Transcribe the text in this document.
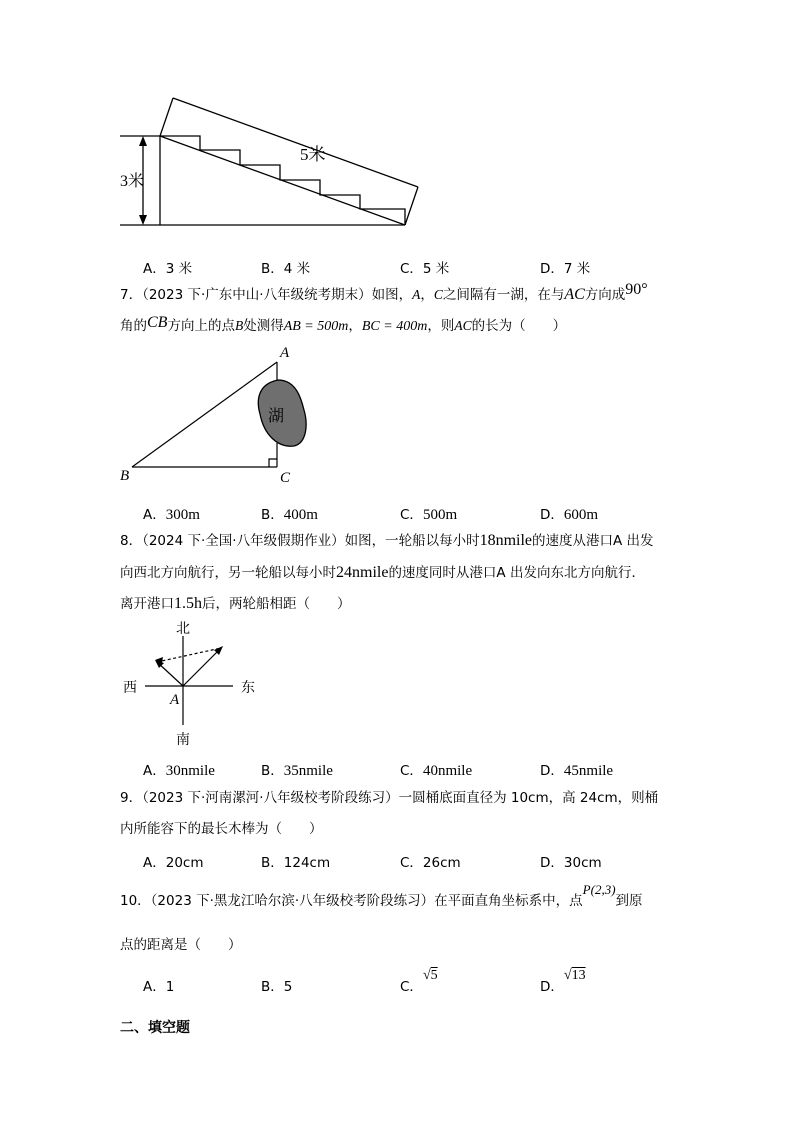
5米
3米
A．3 米	B．4 米	C．5 米	D．7 米
7．（2023 下·广东中山·八年级统考期末）如图，A，C之间隔有一湖，在与AC方向成90°
角的CB方向上的点B处测得AB = 500m，BC = 400m，则AC的长为（　　）
湖
A
B	C
A．300m	B．400m	C．500m	D．600m
8．（2024 下·全国·八年级假期作业）如图，一轮船以每小时18nmile的速度从港口A 出发
向西北方向航行，另一轮船以每小时24nmile的速度同时从港口A 出发向东北方向航行．
离开港口1.5h后，两轮船相距（　　）
北
南
西	东
A
A．30nmile	B．35nmile	C．40nmile	D．45nmile
9．（2023 下·河南漯河·八年级校考阶段练习）一圆桶底面直径为 10cm，高 24cm，则桶
内所能容下的最长木棒为（　　）
A．20cm	B．124cm	C．26cm	D．30cm
10．（2023 下·黑龙江哈尔滨·八年级校考阶段练习）在平面直角坐标系中，点P(2,3)到原
点的距离是（　　）
A．1	B．5	C．√5
D．√13
二、填空题
